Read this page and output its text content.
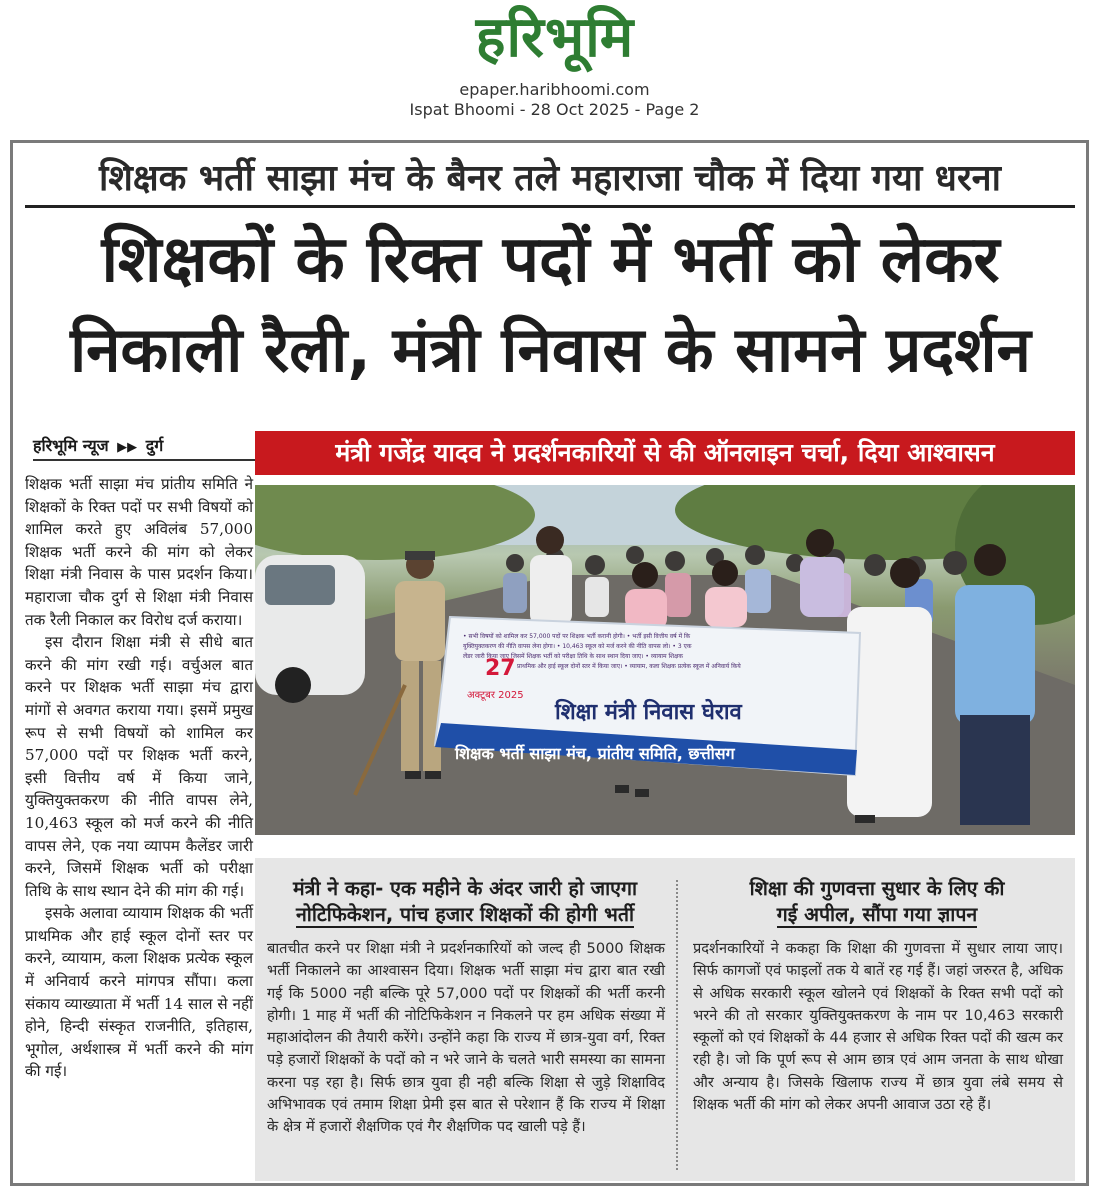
हरिभूमि
epaper.haribhoomi.com
Ispat Bhoomi - 28 Oct 2025 - Page 2
शिक्षक भर्ती साझा मंच के बैनर तले महाराजा चौक में दिया गया धरना
शिक्षकों के रिक्त पदों में भर्ती को लेकर
निकाली रैली, मंत्री निवास के सामने प्रदर्शन
हरिभूमि न्यूज ▶▶ दुर्ग

शिक्षक भर्ती साझा मंच प्रांतीय समिति ने शिक्षकों के रिक्त पदों पर सभी विषयों को शामिल करते हुए अविलंब 57,000 शिक्षक भर्ती करने की मांग को लेकर शिक्षा मंत्री निवास के पास प्रदर्शन किया। महाराजा चौक दुर्ग से शिक्षा मंत्री निवास तक रैली निकाल कर विरोध दर्ज कराया।

इस दौरान शिक्षा मंत्री से सीधे बात करने की मांग रखी गई। वर्चुअल बात करने पर शिक्षक भर्ती साझा मंच द्वारा मांगों से अवगत कराया गया। इसमें प्रमुख रूप से सभी विषयों को शामिल कर 57,000 पदों पर शिक्षक भर्ती करने, इसी वित्तीय वर्ष में किया जाने, युक्तियुक्तकरण की नीति वापस लेने, 10,463 स्कूल को मर्ज करने की नीति वापस लेने, एक नया व्यापम कैलेंडर जारी करने, जिसमें शिक्षक भर्ती को परीक्षा तिथि के साथ स्थान देने की मांग की गई।

इसके अलावा व्यायाम शिक्षक की भर्ती प्राथमिक और हाई स्कूल दोनों स्तर पर करने, व्यायाम, कला शिक्षक प्रत्येक स्कूल में अनिवार्य करने मांगपत्र सौंपा। कला संकाय व्याख्याता में भर्ती 14 साल से नहीं होने, हिन्दी संस्कृत राजनीति, इतिहास, भूगोल, अर्थशास्त्र में भर्ती करने की मांग की गई।

मंत्री गजेंद्र यादव ने प्रदर्शनकारियों से की ऑनलाइन चर्चा, दिया आश्वासन
27
अक्टूबर 2025
शिक्षा मंत्री निवास घेराव
शिक्षक भर्ती साझा मंच, प्रांतीय समिति, छत्तीसग
• सभी विषयों को शामिल कर 57,000 पदों पर शिक्षक भर्ती करानी होगी। • भर्ती इसी वित्तीय वर्ष में कि
युक्तियुक्तकरण की नीति वापस लेना होगा। • 10,463 स्कूल को मर्ज करने की नीति वापस लो। • 3 एक
लेंडर जारी किया जाए जिसमें शिक्षक भर्ती को परीक्षा तिथि के साथ स्थान दिया जाए। • व्यायाम शिक्षक
प्राथमिक और हाई स्कूल दोनों स्तर में किया जाए। • व्यायाम, कला शिक्षक प्रत्येक स्कूल में अनिवार्य किये
मंत्री ने कहा- एक महीने के अंदर जारी हो जाएगा
नोटिफिकेशन, पांच हजार शिक्षकों की होगी भर्ती
बातचीत करने पर शिक्षा मंत्री ने प्रदर्शनकारियों को जल्द ही 5000 शिक्षक भर्ती निकालने का आश्वासन दिया। शिक्षक भर्ती साझा मंच द्वारा बात रखी गई कि 5000 नही बल्कि पूरे 57,000 पदों पर शिक्षकों की भर्ती करनी होगी। 1 माह में भर्ती की नोटिफिकेशन न निकलने पर हम अधिक संख्या में महाआंदोलन की तैयारी करेंगे। उन्होंने कहा कि राज्य में छात्र-युवा वर्ग, रिक्त पड़े हजारों शिक्षकों के पदों को न भरे जाने के चलते भारी समस्या का सामना करना पड़ रहा है। सिर्फ छात्र युवा ही नही बल्कि शिक्षा से जुड़े शिक्षाविद अभिभावक एवं तमाम शिक्षा प्रेमी इस बात से परेशान हैं कि राज्य में शिक्षा के क्षेत्र में हजारों शैक्षणिक एवं गैर शैक्षणिक पद खाली पड़े हैं।
शिक्षा की गुणवत्ता सुधार के लिए की
गई अपील, सौंपा गया ज्ञापन
प्रदर्शनकारियों ने ककहा कि शिक्षा की गुणवत्ता में सुधार लाया जाए। सिर्फ कागजों एवं फाइलों तक ये बातें रह गई हैं। जहां जरुरत है, अधिक से अधिक सरकारी स्कूल खोलने एवं शिक्षकों के रिक्त सभी पदों को भरने की तो सरकार युक्तियुक्तकरण के नाम पर 10,463 सरकारी स्कूलों को एवं शिक्षकों के 44 हजार से अधिक रिक्त पदों की खत्म कर रही है। जो कि पूर्ण रूप से आम छात्र एवं आम जनता के साथ धोखा और अन्याय है। जिसके खिलाफ राज्य में छात्र युवा लंबे समय से शिक्षक भर्ती की मांग को लेकर अपनी आवाज उठा रहे हैं।
